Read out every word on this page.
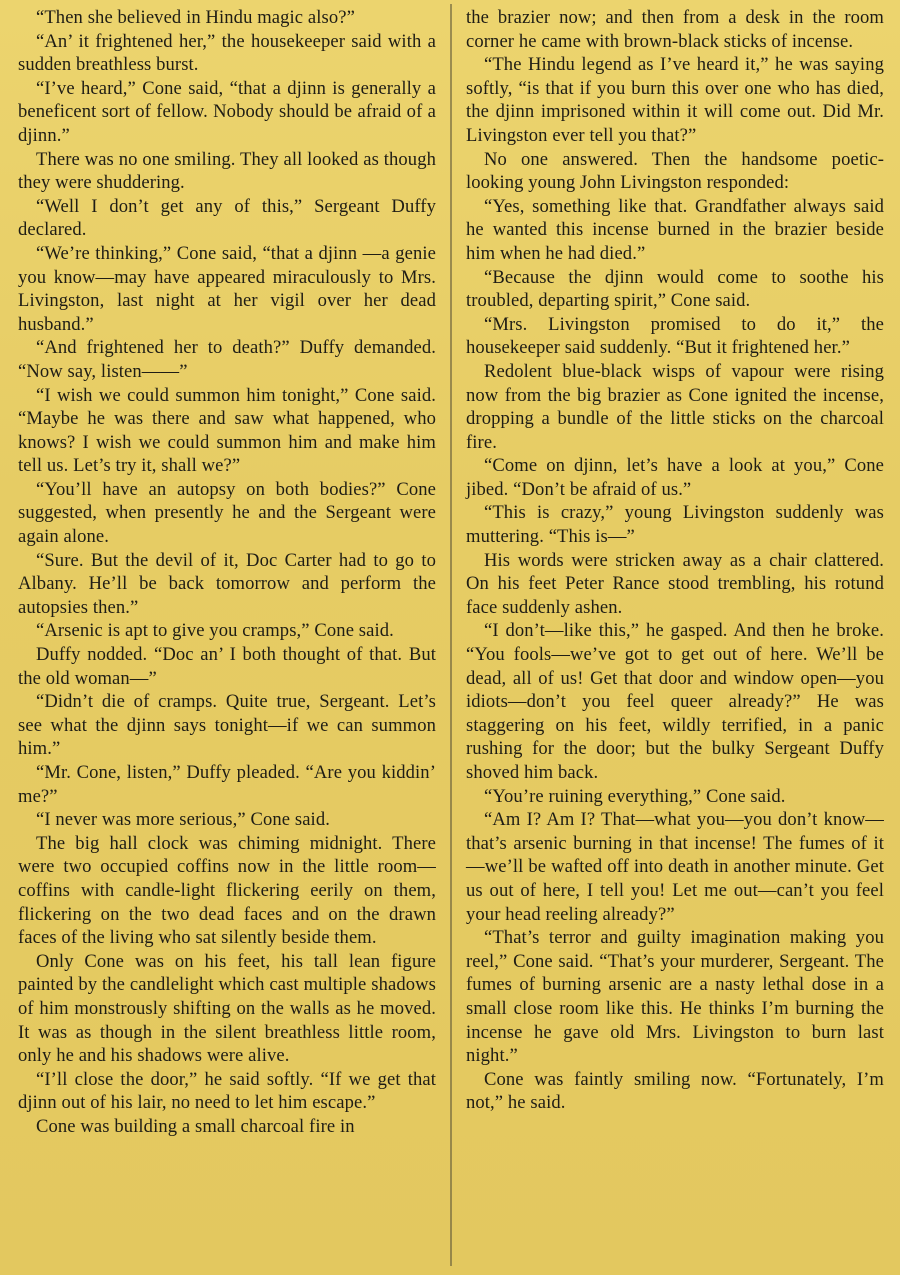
“Then she believed in Hindu magic also?”

“An’ it frightened her,” the housekeeper said with a sudden breathless burst.

“I’ve heard,” Cone said, “that a djinn is generally a beneficent sort of fellow. Nobody should be afraid of a djinn.”

There was no one smiling. They all looked as though they were shuddering.

“Well I don’t get any of this,” Sergeant Duffy declared.

“We’re thinking,” Cone said, “that a djinn —a genie you know—may have appeared miraculously to Mrs. Livingston, last night at her vigil over her dead husband.”

“And frightened her to death?” Duffy demanded. “Now say, listen——”

“I wish we could summon him tonight,” Cone said. “Maybe he was there and saw what happened, who knows? I wish we could summon him and make him tell us. Let’s try it, shall we?”

“You’ll have an autopsy on both bodies?” Cone suggested, when presently he and the Sergeant were again alone.

“Sure. But the devil of it, Doc Carter had to go to Albany. He’ll be back tomorrow and perform the autopsies then.”

“Arsenic is apt to give you cramps,” Cone said.

Duffy nodded. “Doc an’ I both thought of that. But the old woman—”

“Didn’t die of cramps. Quite true, Sergeant. Let’s see what the djinn says tonight—if we can summon him.”

“Mr. Cone, listen,” Duffy pleaded. “Are you kiddin’ me?”

“I never was more serious,” Cone said.

The big hall clock was chiming midnight. There were two occupied coffins now in the little room—coffins with candle-light flickering eerily on them, flickering on the two dead faces and on the drawn faces of the living who sat silently beside them.

Only Cone was on his feet, his tall lean figure painted by the candlelight which cast multiple shadows of him monstrously shifting on the walls as he moved. It was as though in the silent breathless little room, only he and his shadows were alive.

“I’ll close the door,” he said softly. “If we get that djinn out of his lair, no need to let him escape.”

Cone was building a small charcoal fire in

the brazier now; and then from a desk in the room corner he came with brown-black sticks of incense.

“The Hindu legend as I’ve heard it,” he was saying softly, “is that if you burn this over one who has died, the djinn imprisoned within it will come out. Did Mr. Livingston ever tell you that?”

No one answered. Then the handsome poetic-looking young John Livingston responded:

“Yes, something like that. Grandfather always said he wanted this incense burned in the brazier beside him when he had died.”

“Because the djinn would come to soothe his troubled, departing spirit,” Cone said.

“Mrs. Livingston promised to do it,” the housekeeper said suddenly. “But it frightened her.”

Redolent blue-black wisps of vapour were rising now from the big brazier as Cone ignited the incense, dropping a bundle of the little sticks on the charcoal fire.

“Come on djinn, let’s have a look at you,” Cone jibed. “Don’t be afraid of us.”

“This is crazy,” young Livingston suddenly was muttering. “This is—”

His words were stricken away as a chair clattered. On his feet Peter Rance stood trembling, his rotund face suddenly ashen.

“I don’t—like this,” he gasped. And then he broke. “You fools—we’ve got to get out of here. We’ll be dead, all of us! Get that door and window open—you idiots—don’t you feel queer already?” He was staggering on his feet, wildly terrified, in a panic rushing for the door; but the bulky Sergeant Duffy shoved him back.

“You’re ruining everything,” Cone said.

“Am I? Am I? That—what you—you don’t know—that’s arsenic burning in that incense! The fumes of it—we’ll be wafted off into death in another minute. Get us out of here, I tell you! Let me out—can’t you feel your head reeling already?”

“That’s terror and guilty imagination making you reel,” Cone said. “That’s your murderer, Sergeant. The fumes of burning arsenic are a nasty lethal dose in a small close room like this. He thinks I’m burning the incense he gave old Mrs. Livingston to burn last night.”

Cone was faintly smiling now. “Fortunately, I’m not,” he said.
